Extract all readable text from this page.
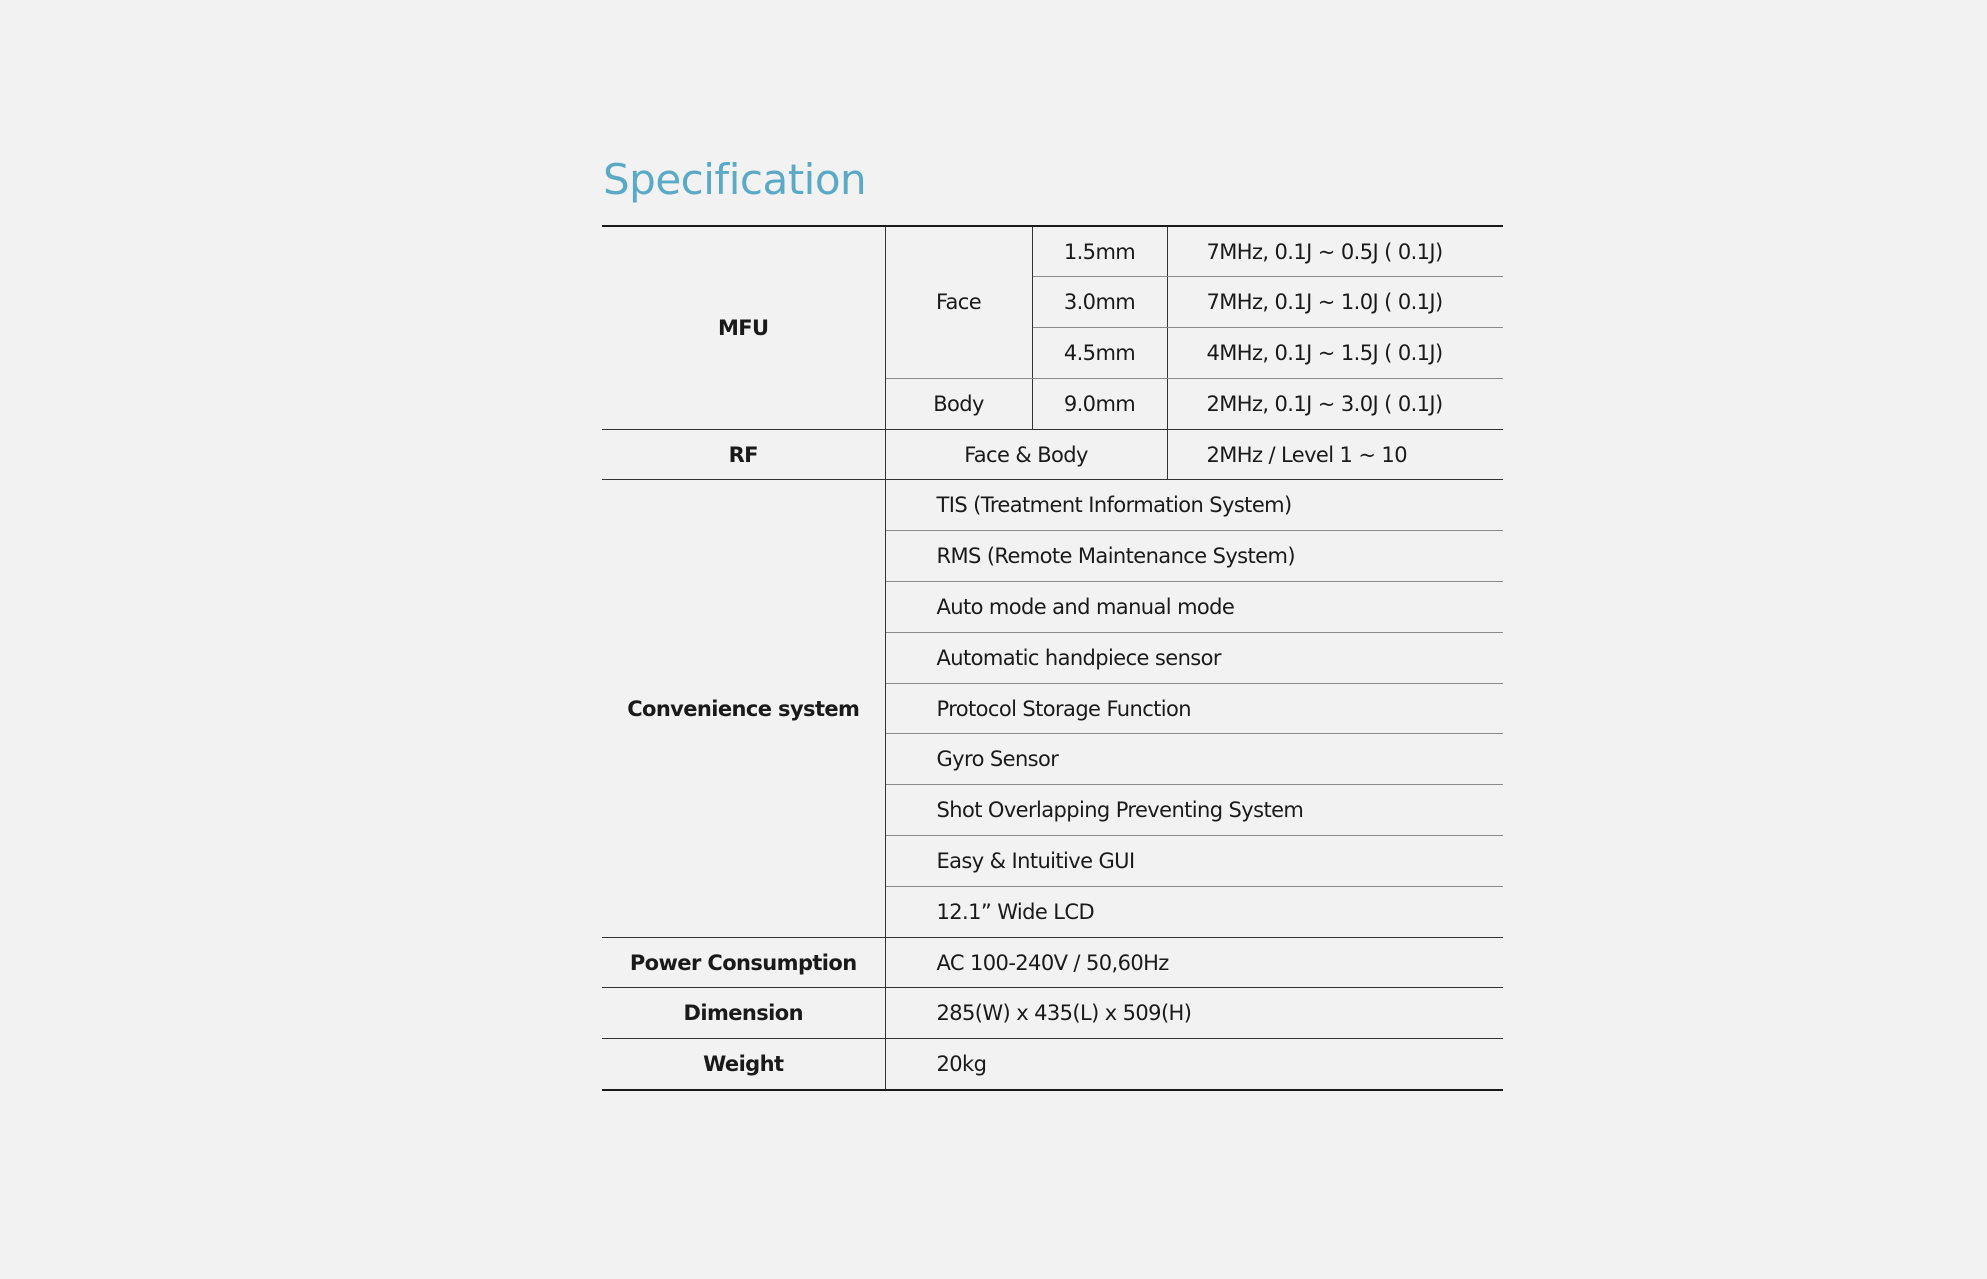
Specification
MFU	Face	1.5mm	7MHz, 0.1J ~ 0.5J ( 0.1J)
		3.0mm	7MHz, 0.1J ~ 1.0J ( 0.1J)
		4.5mm	4MHz, 0.1J ~ 1.5J ( 0.1J)
	Body	9.0mm	2MHz, 0.1J ~ 3.0J ( 0.1J)
RF	Face & Body		2MHz / Level 1 ~ 10
Convenience system	TIS (Treatment Information System)		
	RMS (Remote Maintenance System)		
	Auto mode and manual mode		
	Automatic handpiece sensor		
	Protocol Storage Function		
	Gyro Sensor		
	Shot Overlapping Preventing System		
	Easy & Intuitive GUI		
	12.1” Wide LCD		
Power Consumption	AC 100-240V / 50,60Hz		
Dimension	285(W) x 435(L) x 509(H)		
Weight	20kg		
